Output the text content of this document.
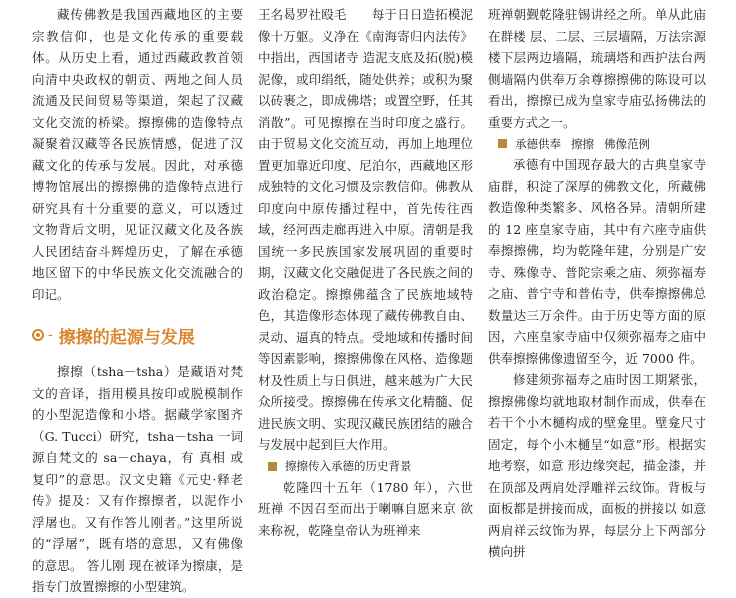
藏传佛教是我国西藏地区的主要宗教信仰，也是文化传承的重要载体。从历史上看，通过西藏政教首领向清中央政权的朝贡、两地之间人员流通及民间贸易等渠道，架起了汉藏文化交流的桥梁。擦擦佛的造像特点凝聚着汉藏等各民族情感，促进了汉藏文化的传承与发展。因此，对承德博物馆展出的擦擦佛的造像特点进行研究具有十分重要的意义，可以透过文物背后文明，见证汉藏文化及各族人民团结奋斗辉煌历史，了解在承德地区留下的中华民族文化交流融合的印记。

- 擦擦的起源与发展

擦擦（tsha－tsha）是藏语对梵文的音译，指用模具按印或脱模制作的小型泥造像和小塔。据藏学家图齐（G. Tucci）研究，tsha－tsha 一词源自梵文的 sa－chaya，有 真相 或 复印”的意思。汉文史籍《元史·释老传》提及：又有作擦擦者，以泥作小浮屠也。又有作答儿刚者。”这里所说的“浮屠”，既有塔的意思，又有佛像的意思。 答儿刚 现在被译为擦康，是指专门放置擦擦的小型建筑。

王名曷罗社殴毛　　每于日日造拓模泥像十万躯。义净在《南海寄归内法传》中指出，西国诸寺 造泥支底及拓(脱)模泥像，或印绢纸，随处供养；或积为聚以砖裹之，即成佛塔；或置空野，任其消散”。可见擦擦在当时印度之盛行。由于贸易文化交流互动，再加上地理位置更加靠近印度、尼泊尔，西藏地区形成独特的文化习惯及宗教信仰。佛教从印度向中原传播过程中，首先传往西域，经河西走廊再进入中原。清朝是我国统一多民族国家发展巩固的重要时期，汉藏文化交融促进了各民族之间的政治稳定。擦擦佛蕴含了民族地域特色，其造像形态体现了藏传佛教自由、灵动、逼真的特点。受地域和传播时间等因素影响，擦擦佛像在风格、造像题材及性质上与日俱进，越来越为广大民众所接受。擦擦佛在传承文化精髓、促进民族文明、实现汉藏民族团结的融合与发展中起到巨大作用。

擦擦传入承德的历史背景

乾隆四十五年（1780 年），六世班禅 不因召至而出于喇嘛自愿来京 欲来称祝，乾隆皇帝认为班禅来

班禅朝觐乾隆驻锡讲经之所。单从此庙在群楼 层、二层、三层墙隔，万法宗源楼下层两边墙隔，琉璃塔和西护法台两侧墙隔内供奉万余尊擦擦佛的陈设可以看出，擦擦已成为皇家寺庙弘扬佛法的重要方式之一。

承德供奉 擦擦 佛像范例

承德有中国现存最大的古典皇家寺庙群，积淀了深厚的佛教文化，所藏佛教造像种类繁多、风格各异。清朝所建的 12 座皇家寺庙，其中有六座寺庙供奉擦擦佛，均为乾隆年建，分别是广安寺、殊像寺、普陀宗乘之庙、须弥福寿之庙、普宁寺和普佑寺，供奉擦擦佛总数量达三万余件。由于历史等方面的原因，六座皇家寺庙中仅须弥福寿之庙中供奉擦擦佛像遗留至今，近 7000 件。

修建须弥福寿之庙时因工期紧张，擦擦佛像均就地取材制作而成，供奉在若干个小木樋构成的壁龛里。壁龛尺寸固定，每个小木樋呈“如意”形。根据实地考察，如意 形边缘突起，描金漆，并在顶部及两肩处浮雕祥云纹饰。背板与面板都是拼接而成，面板的拼接以 如意 两肩祥云纹饰为界，每层分上下两部分横向拼
